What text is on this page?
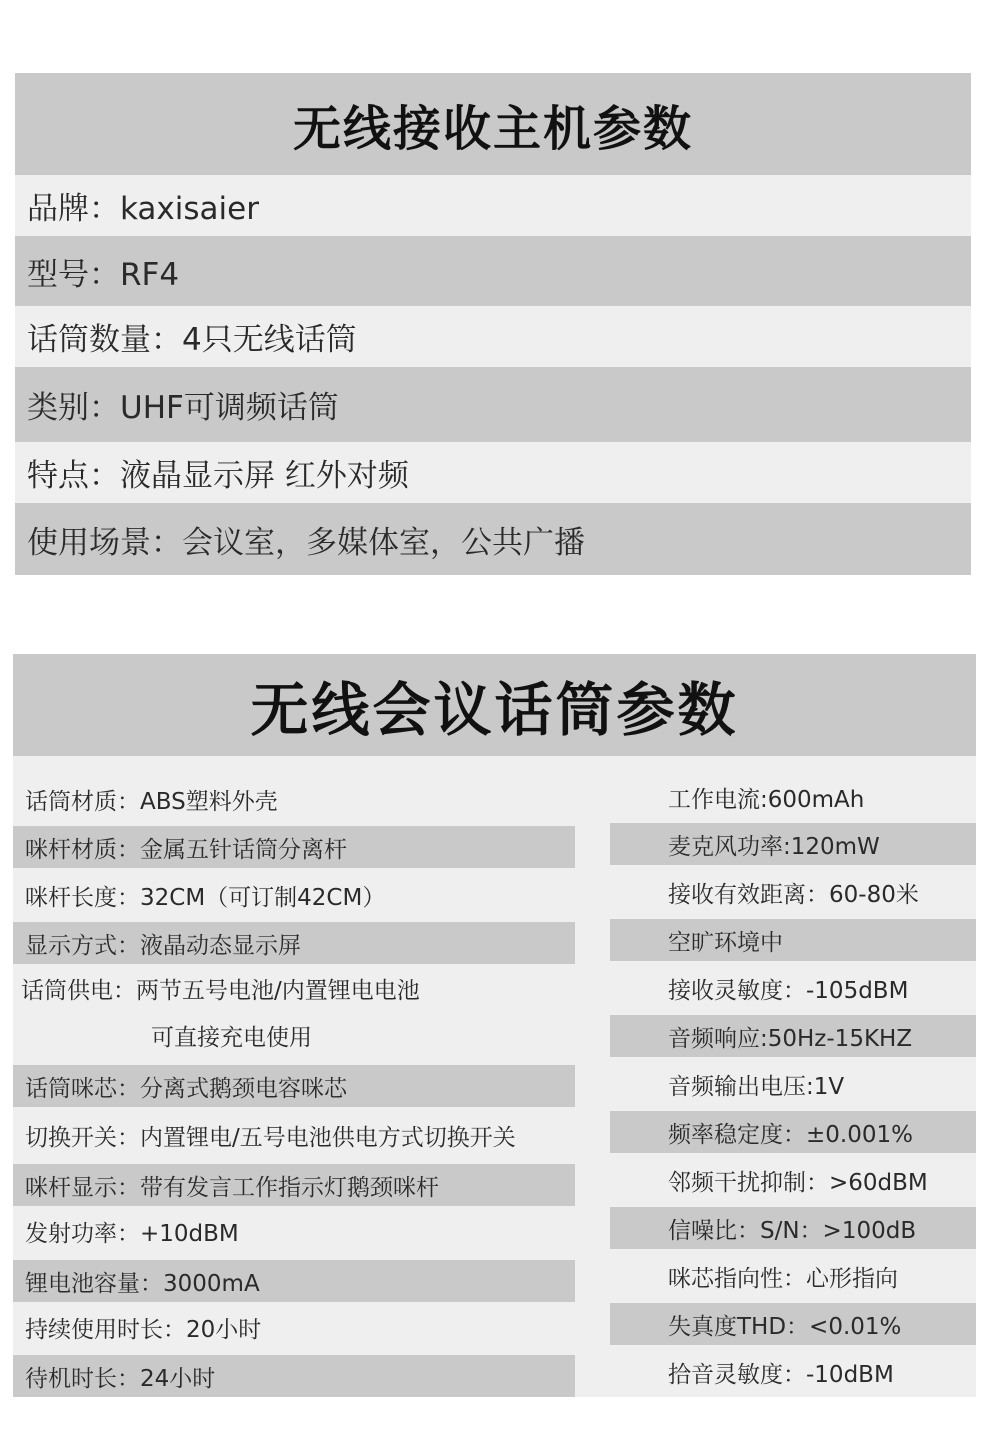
无线接收主机参数
品牌：kaxisaier
型号：RF4
话筒数量：4只无线话筒
类别：UHF可调频话筒
特点：液晶显示屏 红外对频
使用场景：会议室，多媒体室，公共广播
无线会议话筒参数
话筒材质：ABS塑料外壳
咪杆材质：金属五针话筒分离杆
咪杆长度：32CM（可订制42CM）
显示方式：液晶动态显示屏
话筒供电：两节五号电池/内置锂电电池
可直接充电使用
话筒咪芯：分离式鹅颈电容咪芯
切换开关：内置锂电/五号电池供电方式切换开关
咪杆显示：带有发言工作指示灯鹅颈咪杆
发射功率：+10dBM
锂电池容量：3000mA
持续使用时长：20小时
待机时长：24小时
工作电流:600mAh
麦克风功率:120mW
接收有效距离：60-80米
空旷环境中
接收灵敏度：-105dBM
音频响应:50Hz-15KHZ
音频输出电压:1V
频率稳定度：±0.001%
邻频干扰抑制：>60dBM
信噪比：S/N：>100dB
咪芯指向性：心形指向
失真度THD：<0.01%
拾音灵敏度：-10dBM
